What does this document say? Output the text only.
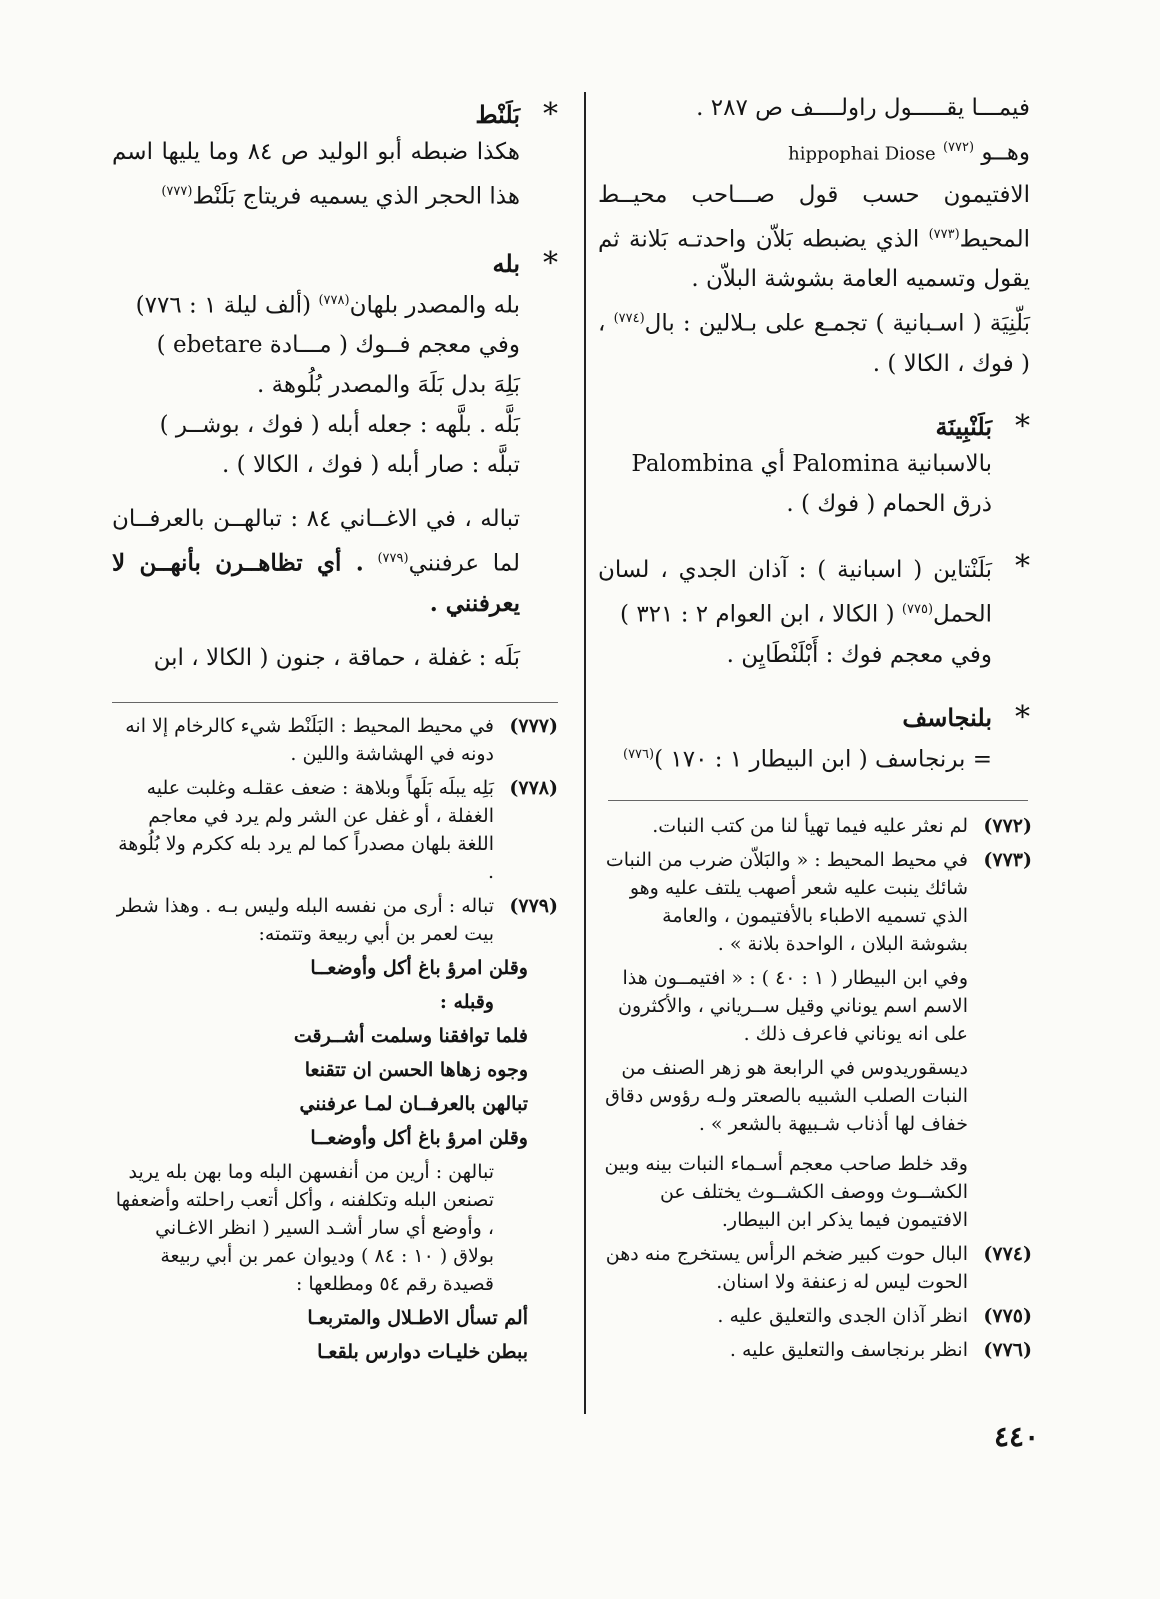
فيمـــا يقـــــول راولــــف ص ٢٨٧ .
وهــو $^{(٧٧٢)}$ hippophai Diose
الافتيمون حسب قول صـــاحب محيــط المحيط$^{(٧٧٣)}$ الذي يضبطه بَلاّن واحدتـه بَلانة ثم يقول وتسميه العامة بشوشة البلاّن .
بَلّنِيَة ( اسـبانية ) تجمـع على بـلالين : بال$^{(٧٧٤)}$ ، ( فوك ، الكالا ) .
*
بَلَنْبِينَة
بالاسبانية Palomina أي Palombina
ذرق الحمام ( فوك ) .
*
بَلَنْتاين ( اسبانية ) : آذان الجدي ، لسان الحمل$^{(٧٧٥)}$ ( الكالا ، ابن العوام ٢ : ٣٢١ )
وفي معجم فوك : أَبْلَنْطَايِن .
*
بلنجاسف
= برنجاسف ( ابن البيطار ١ : ١٧٠ )$^{(٧٧٦)}$
(٧٧٢)
لم نعثر عليه فيما تهيأ لنا من كتب النبات.
(٧٧٣)
في محيط المحيط : « والبَلاّن ضرب من النبات شائك ينبت عليه شعر أصهب يلتف عليه وهو الذي تسميه الاطباء بالأفتيمون ، والعامة بشوشة البلان ، الواحدة بلانة » .
وفي ابن البيطار ( ١ : ٤٠ ) : « افتيمــون هذا الاسم اسم يوناني وقيل ســرياني ، والأكثرون على انه يوناني فاعرف ذلك .
ديسقوريدوس في الرابعة هو زهر الصنف من النبات الصلب الشبيه بالصعتر ولـه رؤوس دقاق خفاف لها أذناب شـبيهة بالشعر » .
وقد خلط صاحب معجم أسـماء النبات بينه وبين الكشــوث ووصف الكشــوث يختلف عن الافتيمون فيما يذكر ابن البيطار.
(٧٧٤)
البال حوت كبير ضخم الرأس يستخرج منه دهن الحوت ليس له زعنفة ولا اسنان.
(٧٧٥)
انظر آذان الجدى والتعليق عليه .
(٧٧٦)
انظر برنجاسف والتعليق عليه .
*
بَلَنْط
هكذا ضبطه أبو الوليد ص ٨٤ وما يليها اسم هذا الحجر الذي يسميه فريتاج بَلَنْط$^{(٧٧٧)}$
*
بله
بله والمصدر بلهان$^{(٧٧٨)}$ (ألف ليلة ١ : ٧٧٦)
وفي معجم فــوك ( مـــادة ebetare )
بَلِهَ بدل بَلَهَ والمصدر بُلُوهة .
بَلَّه . بلَّهه : جعله أبله ( فوك ، بوشــر )
تبلَّه : صار أبله ( فوك ، الكالا ) .
تباله ، في الاغــاني ٨٤ : تبالهــن بالعرفــان لما عرفنني$^{(٧٧٩)}$ . أي تظاهــرن بأنهــن لا يعرفنني .
بَلَه : غفلة ، حماقة ، جنون ( الكالا ، ابن
(٧٧٧)
في محيط المحيط : البَلَنْط شيء كالرخام إلا انه دونه في الهشاشة واللين .
(٧٧٨)
بَلِه يبلَه بَلَهاً وبلاهة : ضعف عقلـه وغلبت عليه الغفلة ، أو غفل عن الشر ولم يرد في معاجم اللغة بلهان مصدراً كما لم يرد بله ككرم ولا بُلُوهة .
(٧٧٩)
تباله : أرى من نفسه البله وليس بـه . وهذا شطر بيت لعمر بن أبي ربيعة وتتمته:
وقلن امرؤ باغ أكل وأوضعــا
وقبله :
فلما توافقنا وسلمت أشــرقت
وجوه زهاها الحسن ان تتقنعا
تبالهن بالعرفــان لمـا عرفنني
وقلن امرؤ باغ أكل وأوضعــا
تبالهن : أرين من أنفسهن البله وما بهن بله يريد تصنعن البله وتكلفنه ، وأكل أتعب راحلته وأضعفها ، وأوضع أي سار أشـد السير ( انظر الاغـاني بولاق ( ١٠ : ٨٤ ) وديوان عمر بن أبي ربيعة قصيدة رقم ٥٤ ومطلعها :
ألم تسأل الاطـلال والمتربعـا
ببطن خليـات دوارس بلقعـا
٤٤٠
